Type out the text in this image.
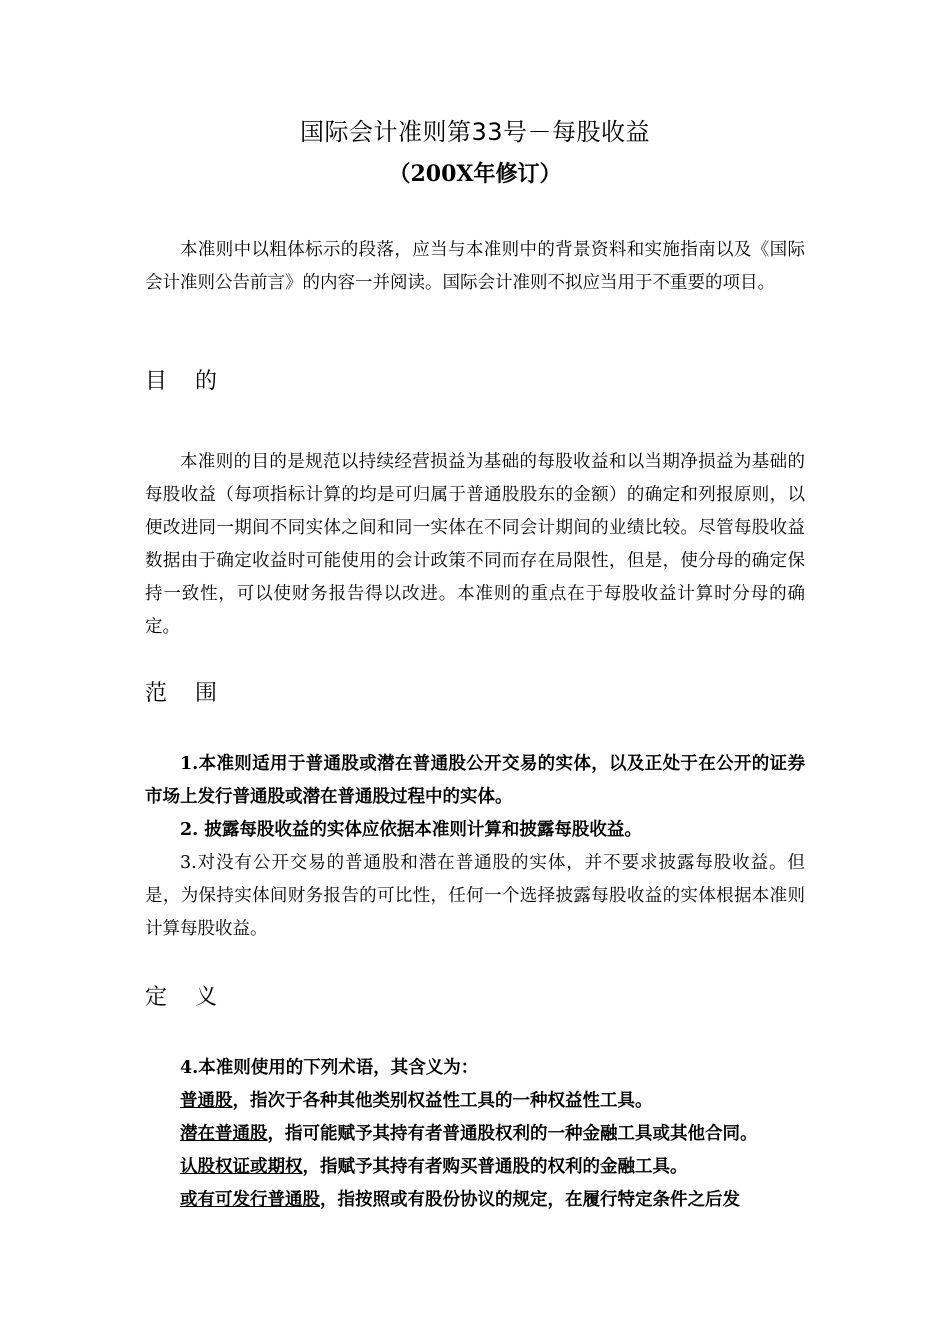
国际会计准则第33号－每股收益
（200X年修订）

本准则中以粗体标示的段落，应当与本准则中的背景资料和实施指南以及《国际会计准则公告前言》的内容一并阅读。国际会计准则不拟应当用于不重要的项目。

目 的

本准则的目的是规范以持续经营损益为基础的每股收益和以当期净损益为基础的每股收益（每项指标计算的均是可归属于普通股股东的金额）的确定和列报原则，以便改进同一期间不同实体之间和同一实体在不同会计期间的业绩比较。尽管每股收益数据由于确定收益时可能使用的会计政策不同而存在局限性，但是，使分母的确定保持一致性，可以使财务报告得以改进。本准则的重点在于每股收益计算时分母的确定。

范 围

1.本准则适用于普通股或潜在普通股公开交易的实体，以及正处于在公开的证券市场上发行普通股或潜在普通股过程中的实体。

2. 披露每股收益的实体应依据本准则计算和披露每股收益。

3.对没有公开交易的普通股和潜在普通股的实体，并不要求披露每股收益。但是，为保持实体间财务报告的可比性，任何一个选择披露每股收益的实体根据本准则计算每股收益。

定 义

4.本准则使用的下列术语，其含义为：

普通股，指次于各种其他类别权益性工具的一种权益性工具。

潜在普通股，指可能赋予其持有者普通股权利的一种金融工具或其他合同。

认股权证或期权，指赋予其持有者购买普通股的权利的金融工具。

或有可发行普通股，指按照或有股份协议的规定，在履行特定条件之后发
